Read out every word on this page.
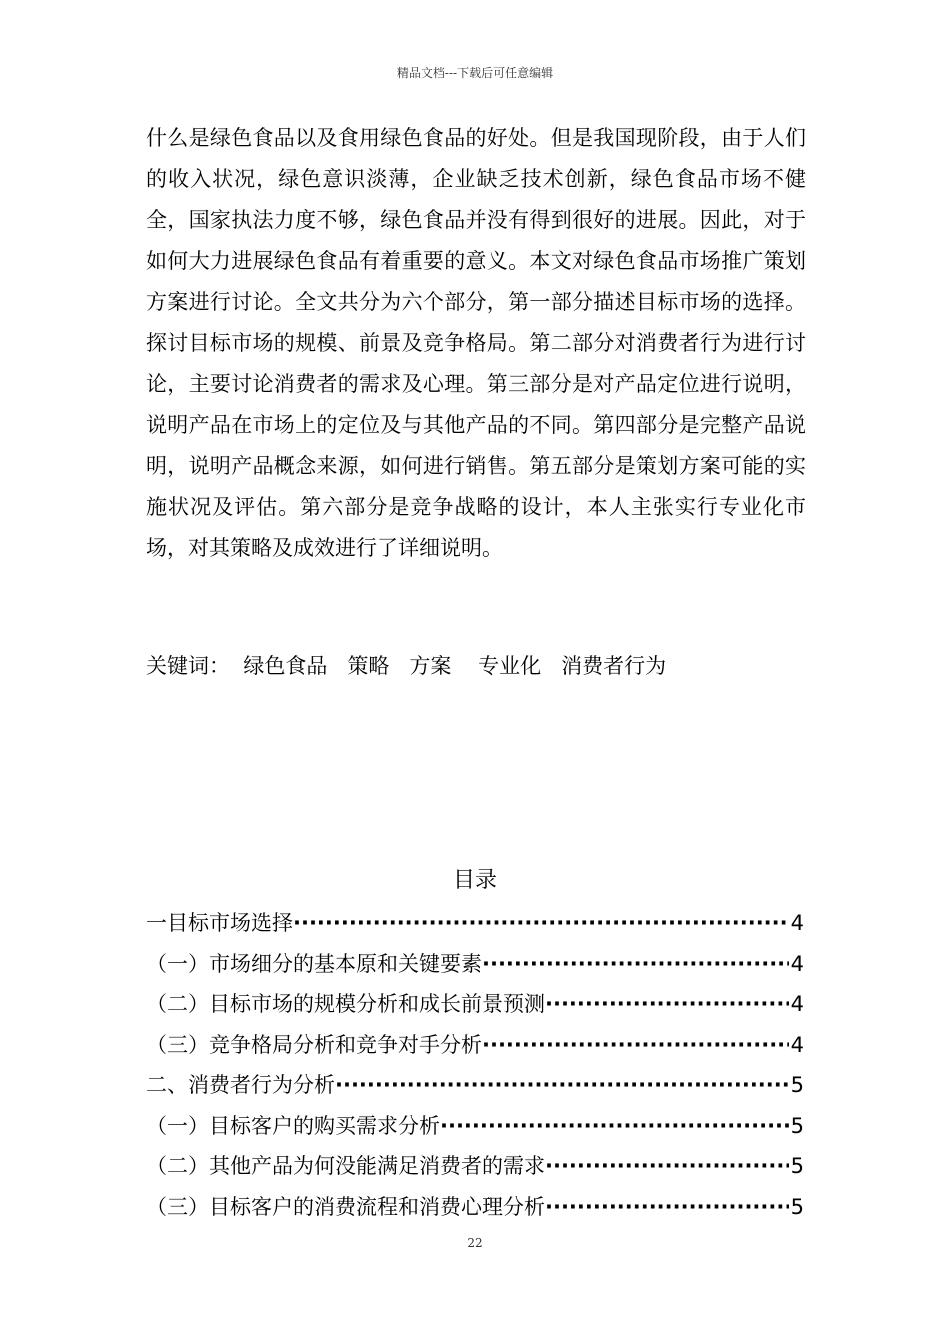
精品文档---下载后可任意编辑

什么是绿色食品以及食用绿色食品的好处。但是我国现阶段，由于人们的收入状况，绿色意识淡薄，企业缺乏技术创新，绿色食品市场不健全，国家执法力度不够，绿色食品并没有得到很好的进展。因此，对于如何大力进展绿色食品有着重要的意义。本文对绿色食品市场推广策划方案进行讨论。全文共分为六个部分，第一部分描述目标市场的选择。探讨目标市场的规模、前景及竞争格局。第二部分对消费者行为进行讨论，主要讨论消费者的需求及心理。第三部分是对产品定位进行说明，说明产品在市场上的定位及与其他产品的不同。第四部分是完整产品说明，说明产品概念来源，如何进行销售。第五部分是策划方案可能的实施状况及评估。第六部分是竞争战略的设计，本人主张实行专业化市场，对其策略及成效进行了详细说明。

关键词： 绿色食品 策略 方案 专业化 消费者行为
目录
一目标市场选择 ·····	4
（一）市场细分的基本原和关键要素 ·····	4
（二）目标市场的规模分析和成长前景预测 ·····	4
（三）竞争格局分析和竞争对手分析 ·····	4
二、消费者行为分析 ·····	5
（一）目标客户的购买需求分析 ·····	5
（二）其他产品为何没能满足消费者的需求 ·····	5
（三）目标客户的消费流程和消费心理分析 ·····	5
22
